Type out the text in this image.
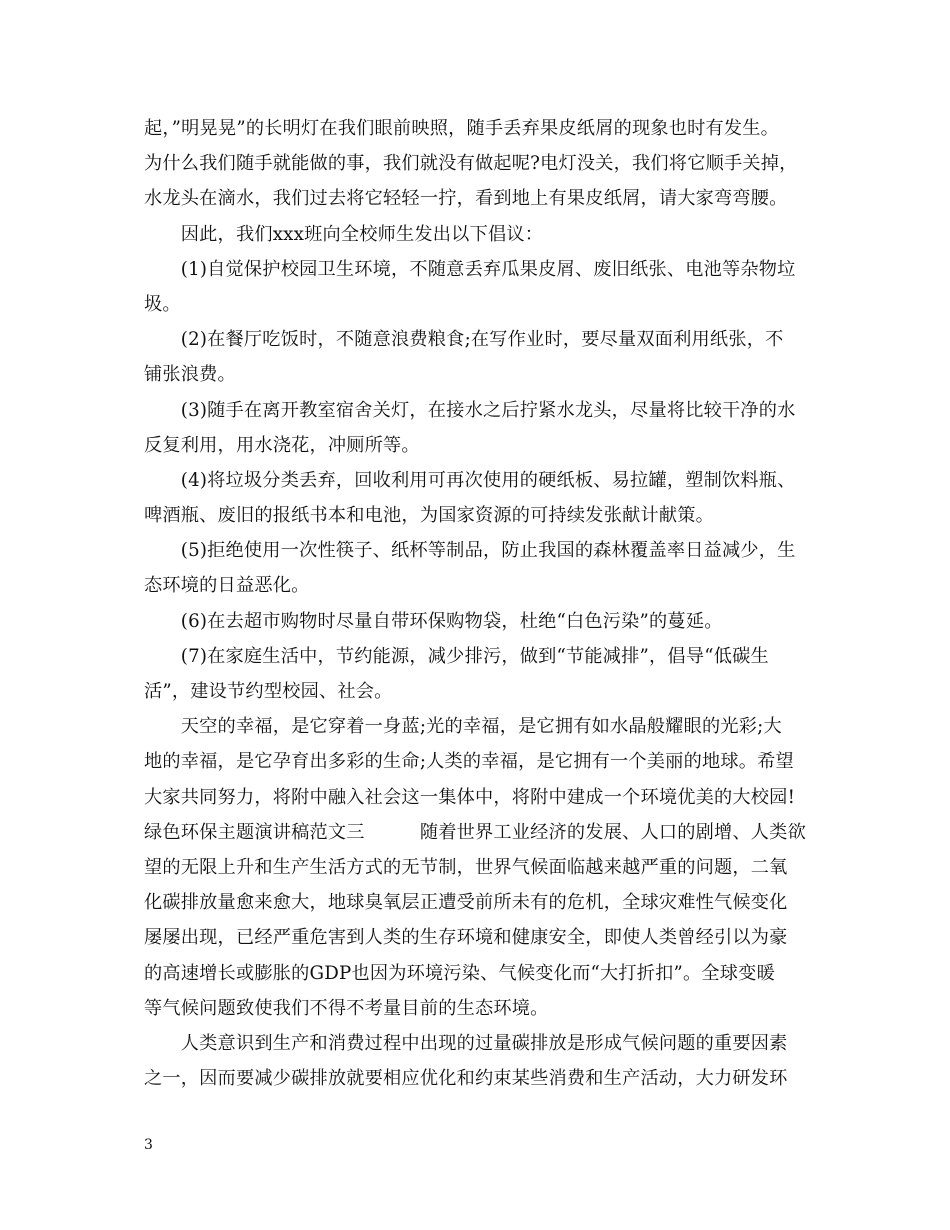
起，”明晃晃”的长明灯在我们眼前映照，随手丢弃果皮纸屑的现象也时有发生。
为什么我们随手就能做的事，我们就没有做起呢?电灯没关，我们将它顺手关掉，
水龙头在滴水，我们过去将它轻轻一拧，看到地上有果皮纸屑，请大家弯弯腰。
　　因此，我们xxx班向全校师生发出以下倡议：
　　(1)自觉保护校园卫生环境，不随意丢弃瓜果皮屑、废旧纸张、电池等杂物垃
圾。
　　(2)在餐厅吃饭时，不随意浪费粮食;在写作业时，要尽量双面利用纸张，不
铺张浪费。
　　(3)随手在离开教室宿舍关灯，在接水之后拧紧水龙头，尽量将比较干净的水
反复利用，用水浇花，冲厕所等。
　　(4)将垃圾分类丢弃，回收利用可再次使用的硬纸板、易拉罐，塑制饮料瓶、
啤酒瓶、废旧的报纸书本和电池，为国家资源的可持续发张献计献策。
　　(5)拒绝使用一次性筷子、纸杯等制品，防止我国的森林覆盖率日益减少，生
态环境的日益恶化。
　　(6)在去超市购物时尽量自带环保购物袋，杜绝“白色污染”的蔓延。
　　(7)在家庭生活中，节约能源，减少排污，做到“节能减排”，倡导“低碳生
活”，建设节约型校园、社会。
　　天空的幸福，是它穿着一身蓝;光的幸福，是它拥有如水晶般耀眼的光彩;大
地的幸福，是它孕育出多彩的生命;人类的幸福，是它拥有一个美丽的地球。希望
大家共同努力，将附中融入社会这一集体中，将附中建成一个环境优美的大校园!
绿色环保主题演讲稿范文三　　　随着世界工业经济的发展、人口的剧增、人类欲
望的无限上升和生产生活方式的无节制，世界气候面临越来越严重的问题，二氧
化碳排放量愈来愈大，地球臭氧层正遭受前所未有的危机，全球灾难性气候变化
屡屡出现，已经严重危害到人类的生存环境和健康安全，即使人类曾经引以为豪
的高速增长或膨胀的GDP也因为环境污染、气候变化而“大打折扣”。全球变暖
等气候问题致使我们不得不考量目前的生态环境。
　　人类意识到生产和消费过程中出现的过量碳排放是形成气候问题的重要因素
之一，因而要减少碳排放就要相应优化和约束某些消费和生产活动，大力研发环
3
